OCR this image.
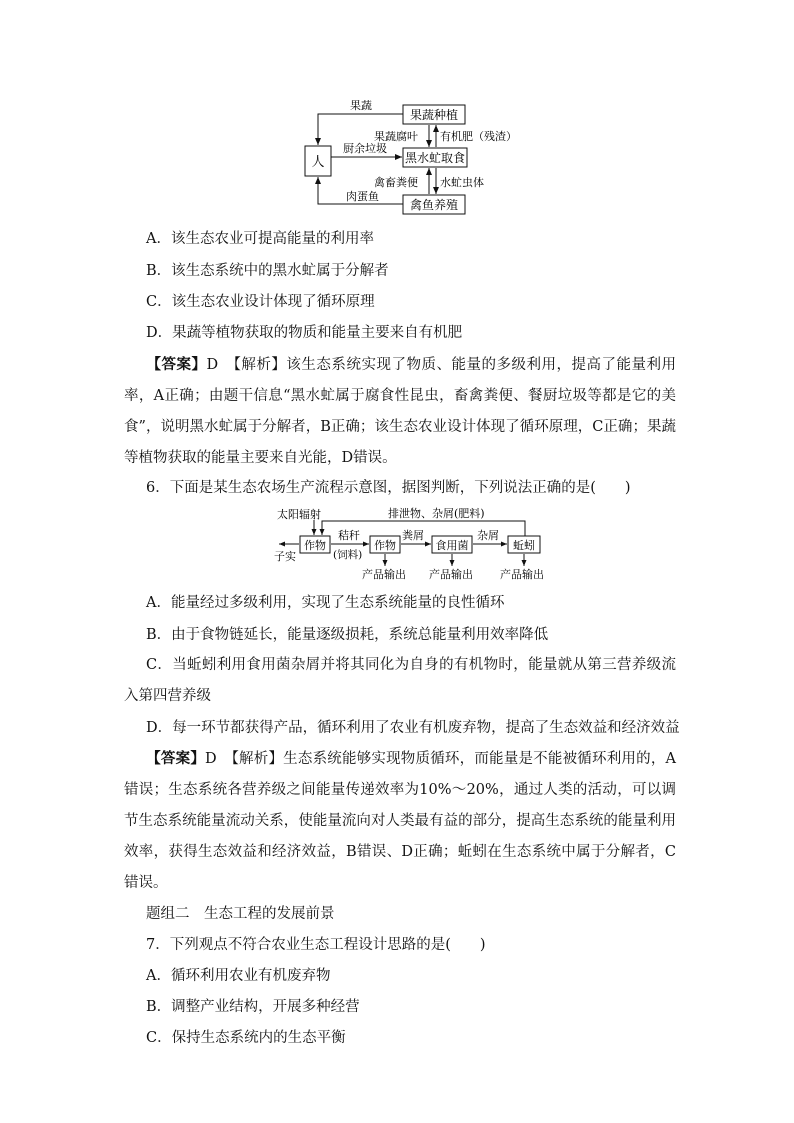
人
果蔬种植
黑水虻取食
禽鱼养殖
果蔬
厨余垃圾
肉蛋鱼
果蔬腐叶 有机肥（残渣）
禽畜粪便 水虻虫体
A．该生态农业可提高能量的利用率
B．该生态系统中的黑水虻属于分解者
C．该生态农业设计体现了循环原理
D．果蔬等植物获取的物质和能量主要来自有机肥
【答案】D　【解析】该生态系统实现了物质、能量的多级利用，提高了能量利用率，A正确；由题干信息“黑水虻属于腐食性昆虫，畜禽粪便、餐厨垃圾等都是它的美食”，说明黑水虻属于分解者，B正确；该生态农业设计体现了循环原理，C正确；果蔬等植物获取的能量主要来自光能，D错误。
6．下面是某生态农场生产流程示意图，据图判断，下列说法正确的是(　　)
太阳辐射	排泄物、杂屑(肥料)
作物	作物	食用菌	蚯蚓
秸秆
(饲料)
粪屑	杂屑
子实
产品输出 产品输出 产品输出
A．能量经过多级利用，实现了生态系统能量的良性循环
B．由于食物链延长，能量逐级损耗，系统总能量利用效率降低
C．当蚯蚓利用食用菌杂屑并将其同化为自身的有机物时，能量就从第三营养级流入第四营养级
D．每一环节都获得产品，循环利用了农业有机废弃物，提高了生态效益和经济效益
【答案】D　【解析】生态系统能够实现物质循环，而能量是不能被循环利用的，A错误；生态系统各营养级之间能量传递效率为10%～20%，通过人类的活动，可以调节生态系统能量流动关系，使能量流向对人类最有益的部分，提高生态系统的能量利用效率，获得生态效益和经济效益，B错误、D正确；蚯蚓在生态系统中属于分解者，C错误。
题组二　生态工程的发展前景
7．下列观点不符合农业生态工程设计思路的是(　　)
A．循环利用农业有机废弃物
B．调整产业结构，开展多种经营
C．保持生态系统内的生态平衡
